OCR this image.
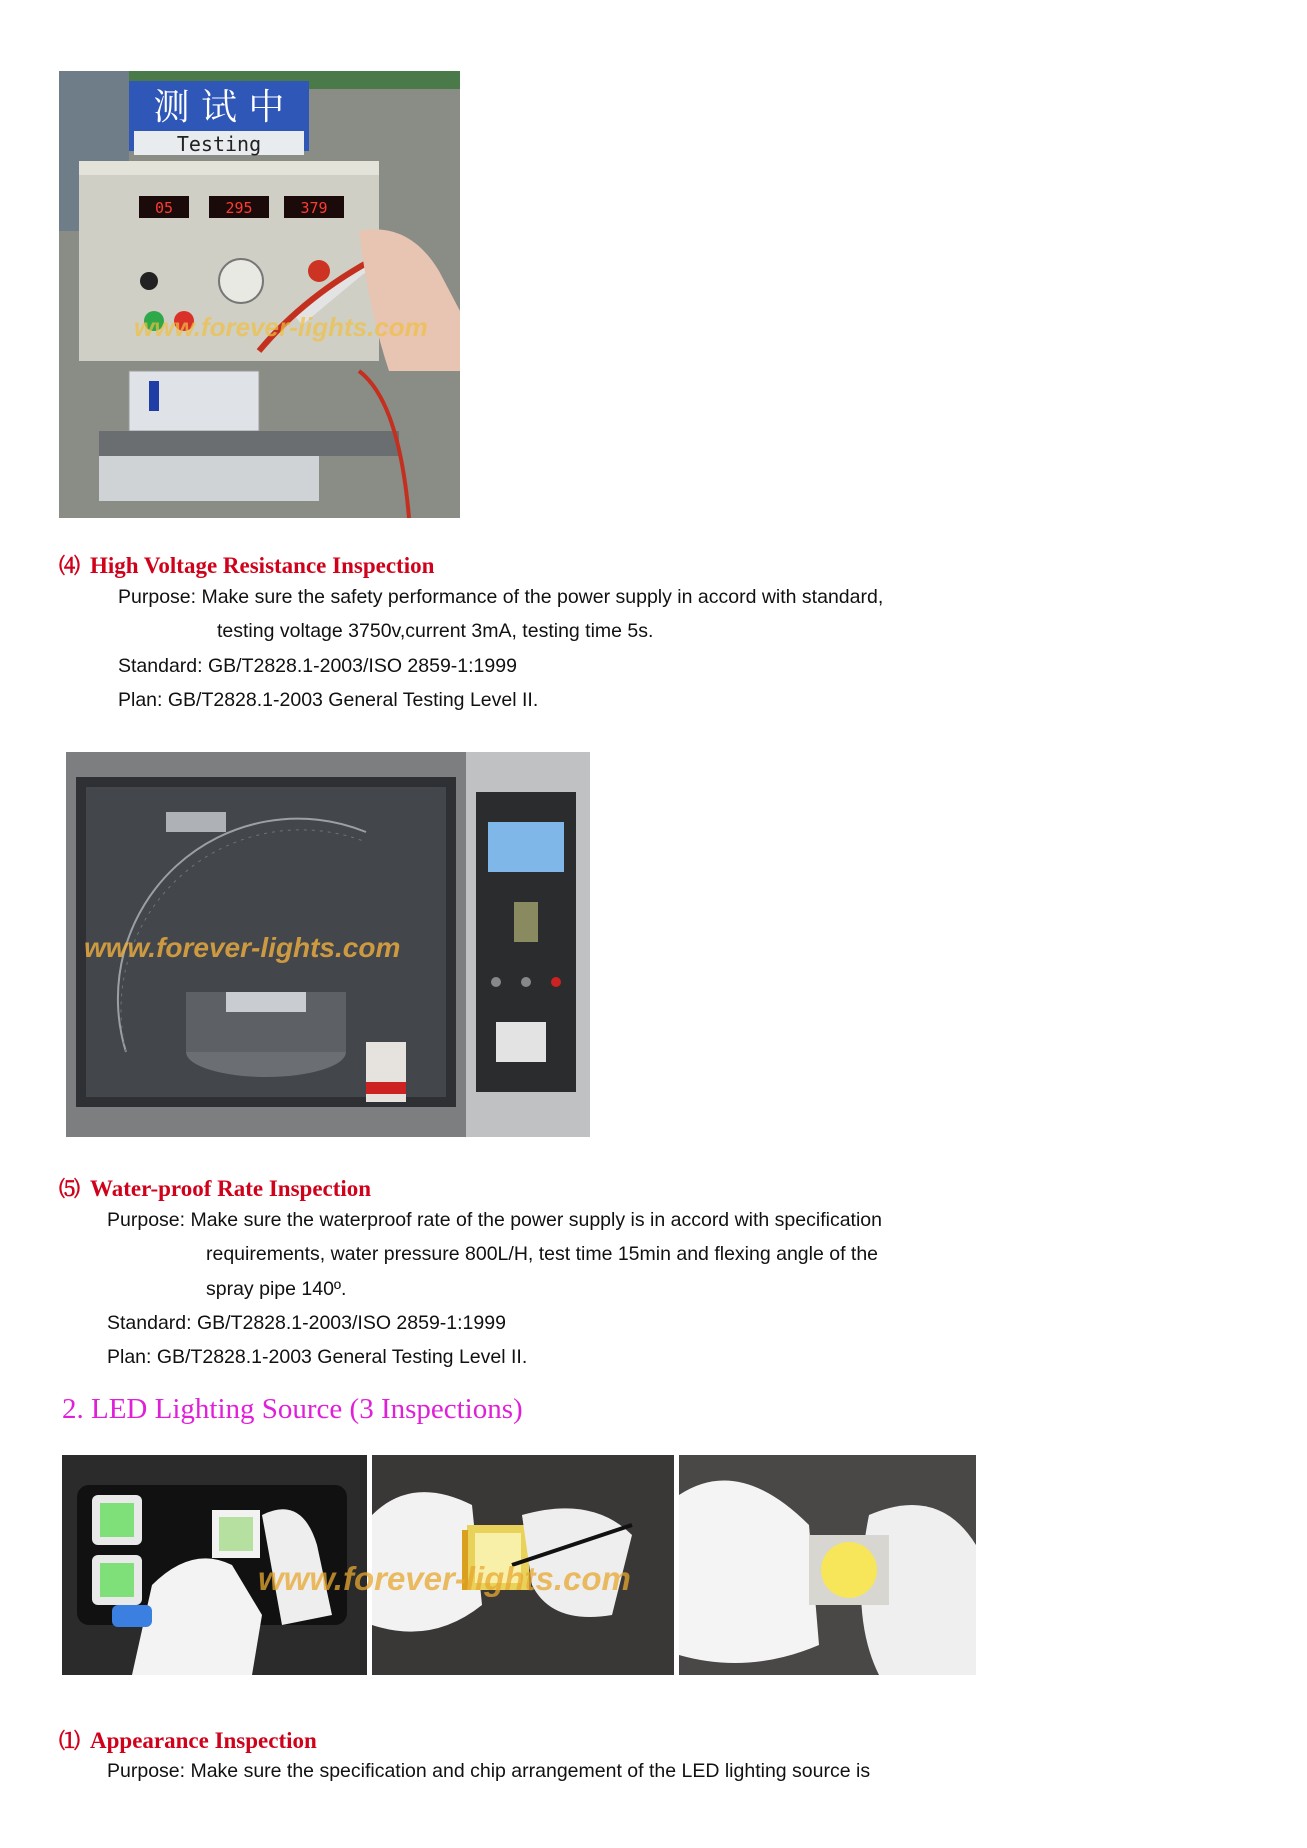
测 试 中
Testing
05	295	379
www.forever-lights.com
⑷ High Voltage Resistance Inspection
Purpose: Make sure the safety performance of the power supply in accord with standard,
testing voltage 3750v,current 3mA, testing time 5s.
Standard: GB/T2828.1-2003/ISO 2859-1:1999
Plan: GB/T2828.1-2003 General Testing Level II.
www.forever-lights.com
⑸ Water-proof Rate Inspection
Purpose: Make sure the waterproof rate of the power supply is in accord with specification
requirements, water pressure 800L/H, test time 15min and flexing angle of the
spray pipe 140º.
Standard: GB/T2828.1-2003/ISO 2859-1:1999
Plan: GB/T2828.1-2003 General Testing Level II.
2. LED Lighting Source (3 Inspections)
www.forever-lights.com
⑴ Appearance Inspection
Purpose: Make sure the specification and chip arrangement of the LED lighting source is
